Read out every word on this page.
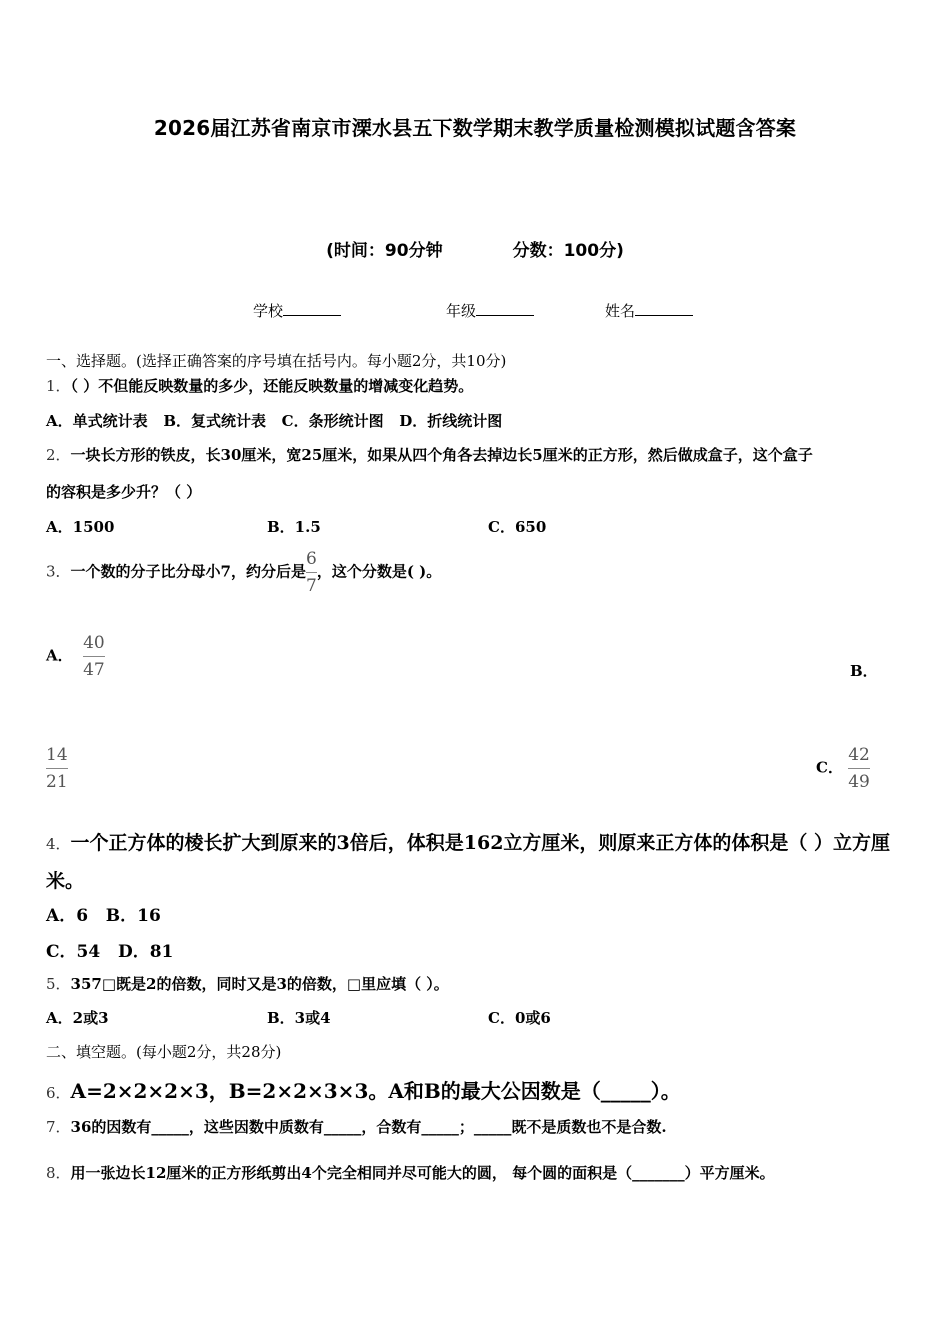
2026届江苏省南京市溧水县五下数学期末教学质量检测模拟试题含答案
(时间：90分钟	分数：100分)
学校	年级	姓名
一、选择题。(选择正确答案的序号填在括号内。每小题2分，共10分)
1．（ ）不但能反映数量的多少，还能反映数量的增减变化趋势。
A．单式统计表 B．复式统计表 C．条形统计图 D．折线统计图
2．一块长方形的铁皮，长30厘米，宽25厘米，如果从四个角各去掉边长5厘米的正方形，然后做成盒子，这个盒子
的容积是多少升？（ ）
A．1500	B．1.5	C．650
3．一个数的分子比分母小7，约分后是 $\frac{6}{7}$ ，这个分数是( )。
A． $\frac{40}{47}$	B．
$\frac{14}{21}$	C． $\frac{42}{49}$
4．一个正方体的棱长扩大到原来的3倍后，体积是162立方厘米，则原来正方体的体积是（ ）立方厘
米。
A．6 B．16
C．54 D．81
5．357□既是2的倍数，同时又是3的倍数，□里应填（ ）。
A．2或3	B．3或4	C．0或6
二、填空题。(每小题2分，共28分)
6．A=2×2×2×3，B=2×2×3×3。A和B的最大公因数是（_____）。
7．36的因数有_____，这些因数中质数有_____，合数有_____；_____既不是质数也不是合数.
8．用一张边长12厘米的正方形纸剪出4个完全相同并尽可能大的圆， 每个圆的面积是（_______）平方厘米。
